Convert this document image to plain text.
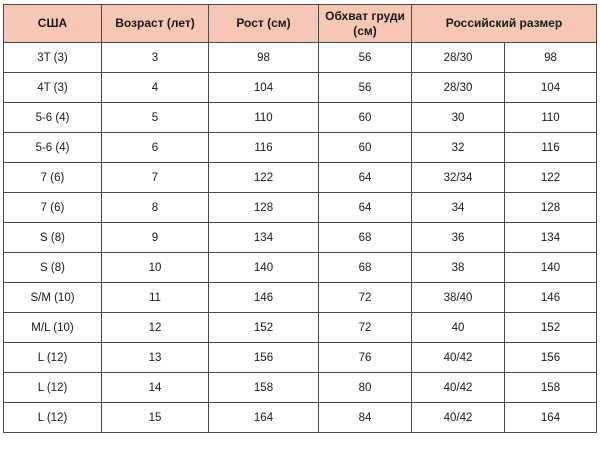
США	Возраст (лет)	Рост (см)	Обхват груди (см)	Российский размер	
3T (3)	3	98	56	28/30	98
4T (3)	4	104	56	28/30	104
5-6 (4)	5	110	60	30	110
5-6 (4)	6	116	60	32	116
7 (6)	7	122	64	32/34	122
7 (6)	8	128	64	34	128
S (8)	9	134	68	36	134
S (8)	10	140	68	38	140
S/M (10)	11	146	72	38/40	146
M/L (10)	12	152	72	40	152
L (12)	13	156	76	40/42	156
L (12)	14	158	80	40/42	158
L (12)	15	164	84	40/42	164
